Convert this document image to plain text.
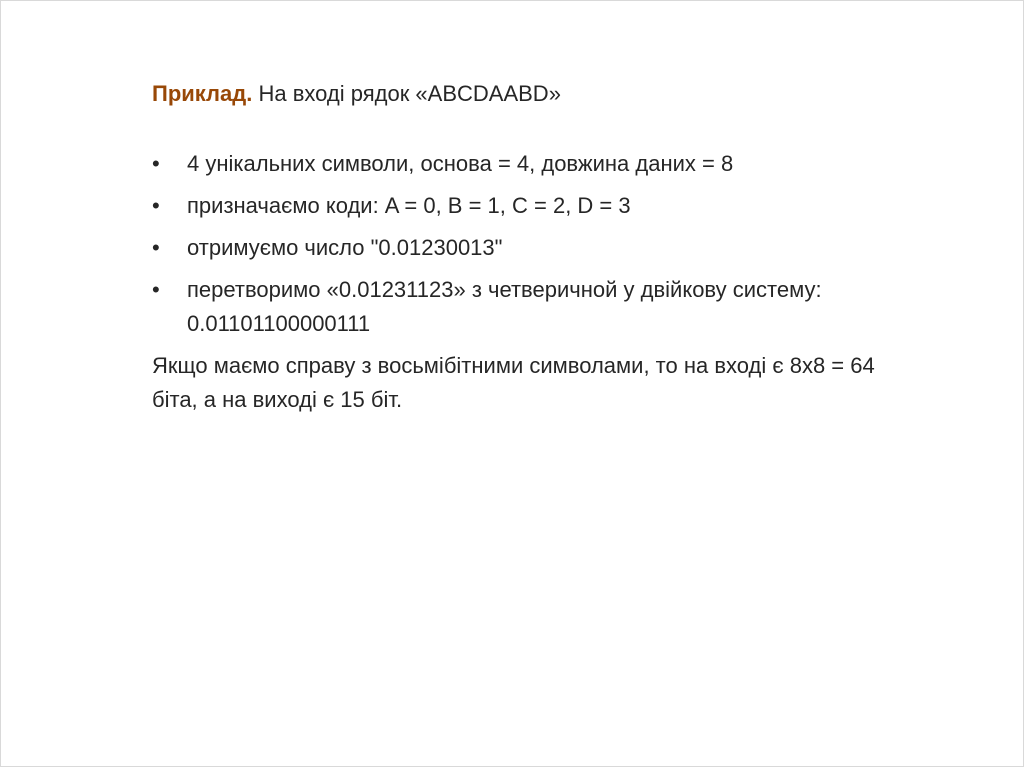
Приклад. На вході рядок «ABCDAABD»
• 4 унікальних символи, основа = 4, довжина даних = 8
• призначаємо коди: A = 0, B = 1, C = 2, D = 3
• отримуємо число "0.01230013"
• перетворимо «0.01231123» з четверичной у двійкову систему: 0.01101100000111
Якщо маємо справу з восьмібітними символами, то на вході є 8x8 = 64 біта, а на виході є 15 біт.
